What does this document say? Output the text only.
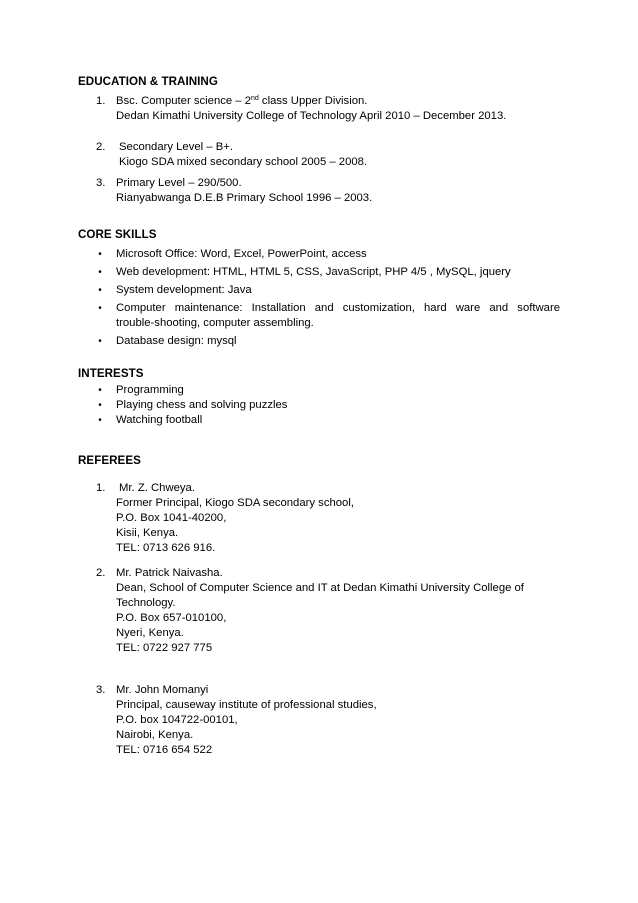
EDUCATION & TRAINING
1. Bsc. Computer science – 2nd class Upper Division.
Dedan Kimathi University College of Technology April 2010 – December 2013.
2. Secondary Level – B+.
Kiogo SDA mixed secondary school 2005 – 2008.
3. Primary Level – 290/500.
Rianyabwanga D.E.B Primary School 1996 – 2003.
CORE SKILLS
•
Microsoft Office: Word, Excel, PowerPoint, access
•
Web development: HTML, HTML 5, CSS, JavaScript, PHP 4/5 , MySQL, jquery
•
System development: Java
•
Computer maintenance: Installation and customization, hard ware and software
trouble-shooting, computer assembling.
•
Database design: mysql
INTERESTS
•
Programming
•
Playing chess and solving puzzles
•
Watching football
REFEREES
1. Mr. Z. Chweya.
Former Principal, Kiogo SDA secondary school,
P.O. Box 1041-40200,
Kisii, Kenya.
TEL: 0713 626 916.
2. Mr. Patrick Naivasha.
Dean, School of Computer Science and IT at Dedan Kimathi University College of
Technology.
P.O. Box 657-010100,
Nyeri, Kenya.
TEL: 0722 927 775
3. Mr. John Momanyi
Principal, causeway institute of professional studies,
P.O. box 104722-00101,
Nairobi, Kenya.
TEL: 0716 654 522
